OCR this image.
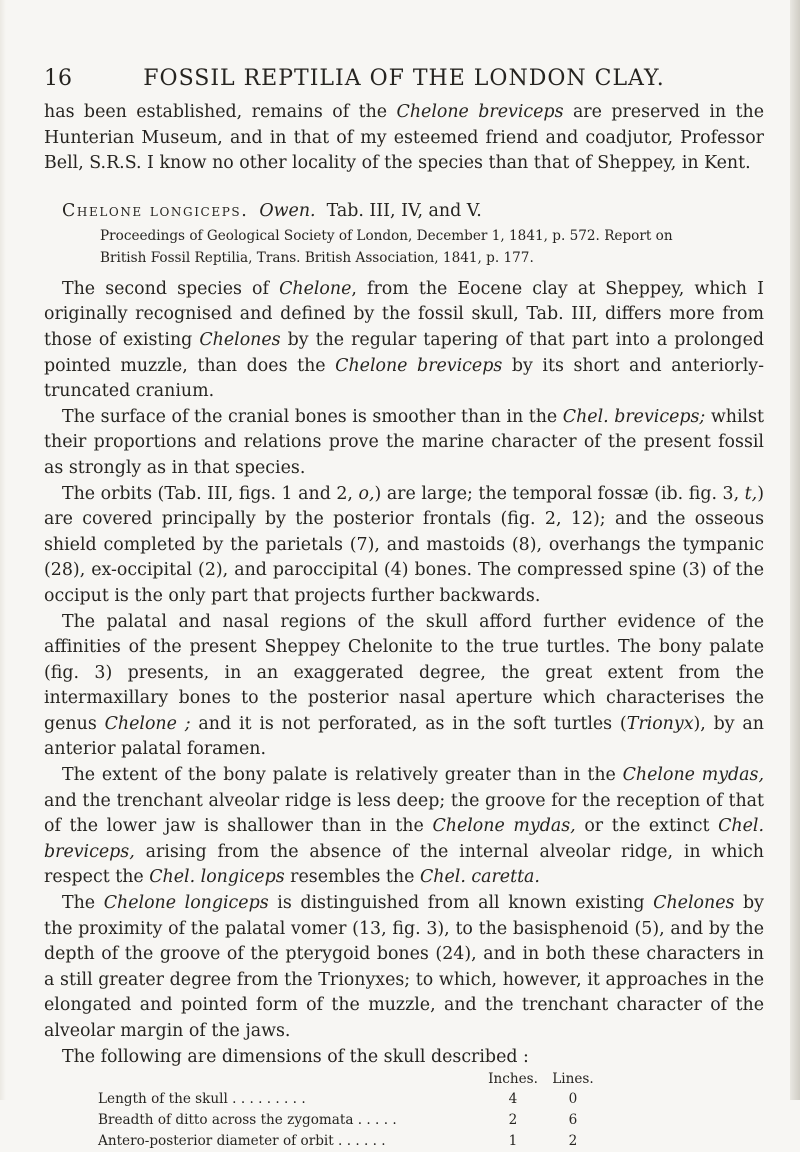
16	FOSSIL REPTILIA OF THE LONDON CLAY.

has been established, remains of the Chelone breviceps are preserved in the Hunterian Museum, and in that of my esteemed friend and coadjutor, Professor Bell, S.R.S. I know no other locality of the species than that of Sheppey, in Kent.

Chelone longiceps. Owen. Tab. III, IV, and V.

Proceedings of Geological Society of London, December 1, 1841, p. 572. Report on
British Fossil Reptilia, Trans. British Association, 1841, p. 177.

The second species of Chelone, from the Eocene clay at Sheppey, which I originally recognised and defined by the fossil skull, Tab. III, differs more from those of existing Chelones by the regular tapering of that part into a prolonged pointed muzzle, than does the Chelone breviceps by its short and anteriorly-truncated cranium.

The surface of the cranial bones is smoother than in the Chel. breviceps; whilst their proportions and relations prove the marine character of the present fossil as strongly as in that species.

The orbits (Tab. III, figs. 1 and 2, o,) are large; the temporal fossæ (ib. fig. 3, t,) are covered principally by the posterior frontals (fig. 2, 12); and the osseous shield completed by the parietals (7), and mastoids (8), overhangs the tympanic (28), ex-occipital (2), and paroccipital (4) bones. The compressed spine (3) of the occiput is the only part that projects further backwards.

The palatal and nasal regions of the skull afford further evidence of the affinities of the present Sheppey Chelonite to the true turtles. The bony palate (fig. 3) presents, in an exaggerated degree, the great extent from the intermaxillary bones to the posterior nasal aperture which characterises the genus Chelone ; and it is not perforated, as in the soft turtles (Trionyx), by an anterior palatal foramen.

The extent of the bony palate is relatively greater than in the Chelone mydas, and the trenchant alveolar ridge is less deep; the groove for the reception of that of the lower jaw is shallower than in the Chelone mydas, or the extinct Chel. breviceps, arising from the absence of the internal alveolar ridge, in which respect the Chel. longiceps resembles the Chel. caretta.

The Chelone longiceps is distinguished from all known existing Chelones by the proximity of the palatal vomer (13, fig. 3), to the basisphenoid (5), and by the depth of the groove of the pterygoid bones (24), and in both these characters in a still greater degree from the Trionyxes; to which, however, it approaches in the elongated and pointed form of the muzzle, and the trenchant character of the alveolar margin of the jaws.

The following are dimensions of the skull described :

	Inches.	Lines.
Length of the skull . . . . . . . . .	4	0
Breadth of ditto across the zygomata . . . . .	2	6
Antero-posterior diameter of orbit . . . . . .	1	2
